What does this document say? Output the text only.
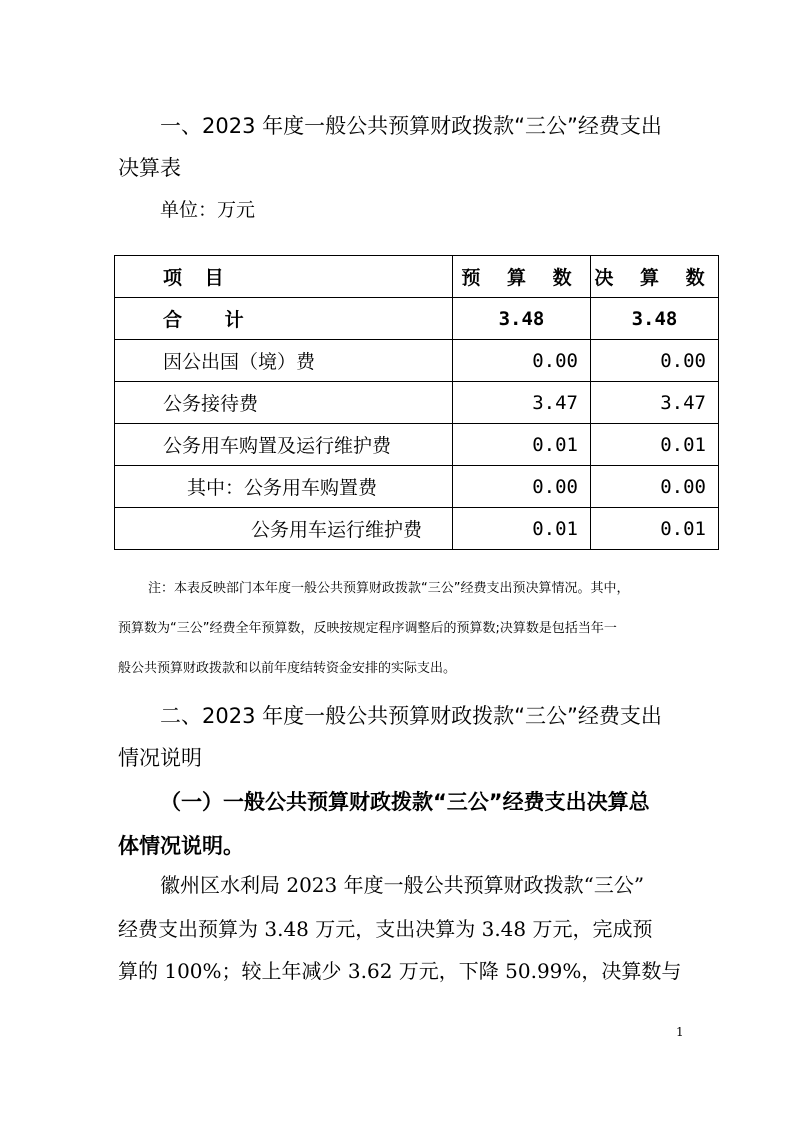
一、2023 年度一般公共预算财政拨款“三公”经费支出
决算表
单位：万元
项 目	预 算 数	决 算 数
合 计	3.48	3.48
因公出国（境）费	0.00	0.00
公务接待费	3.47	3.47
公务用车购置及运行维护费	0.01	0.01
其中：公务用车购置费	0.00	0.00
公务用车运行维护费	0.01	0.01
注：本表反映部门本年度一般公共预算财政拨款“三公”经费支出预决算情况。其中，
预算数为“三公”经费全年预算数，反映按规定程序调整后的预算数;决算数是包括当年一
般公共预算财政拨款和以前年度结转资金安排的实际支出。
二、2023 年度一般公共预算财政拨款“三公”经费支出
情况说明
（一）一般公共预算财政拨款“三公”经费支出决算总
体情况说明。
徽州区水利局 2023 年度一般公共预算财政拨款“三公”
经费支出预算为 3.48 万元，支出决算为 3.48 万元，完成预
算的 100%；较上年减少 3.62 万元，下降 50.99%，决算数与
1
